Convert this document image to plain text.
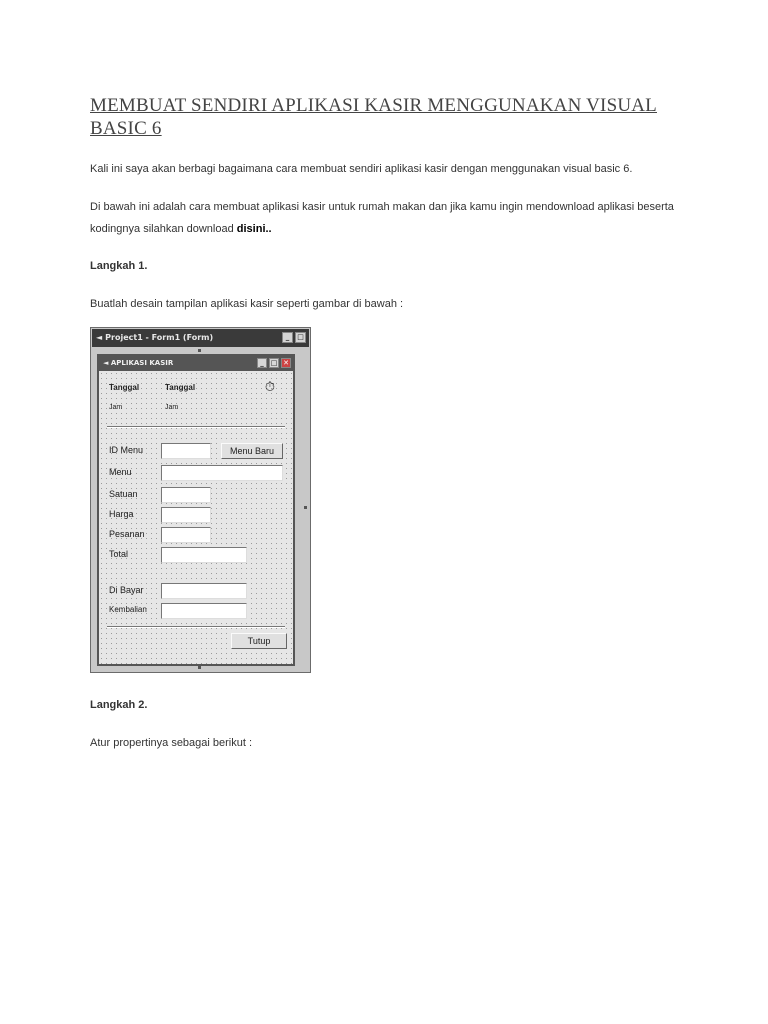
MEMBUAT SENDIRI APLIKASI KASIR MENGGUNAKAN VISUAL BASIC 6

Kali ini saya akan berbagi bagaimana cara membuat sendiri aplikasi kasir dengan menggunakan visual basic 6.

Di bawah ini adalah cara membuat aplikasi kasir untuk rumah makan dan jika kamu ingin mendownload aplikasi beserta kodingnya silahkan download disini..

Langkah 1.

Buatlah desain tampilan aplikasi kasir seperti gambar di bawah :

◄ Project1 - Form1 (Form)	_	□
◄ APLIKASI KASIR	_ □ ✕
Tanggal	Tanggal	⏱
Jam	Jam
ID Menu	Menu Baru
Menu
Satuan
Harga
Pesanan
Total
Di Bayar
Kembalian
Tutup

Langkah 2.

Atur propertinya sebagai berikut :
